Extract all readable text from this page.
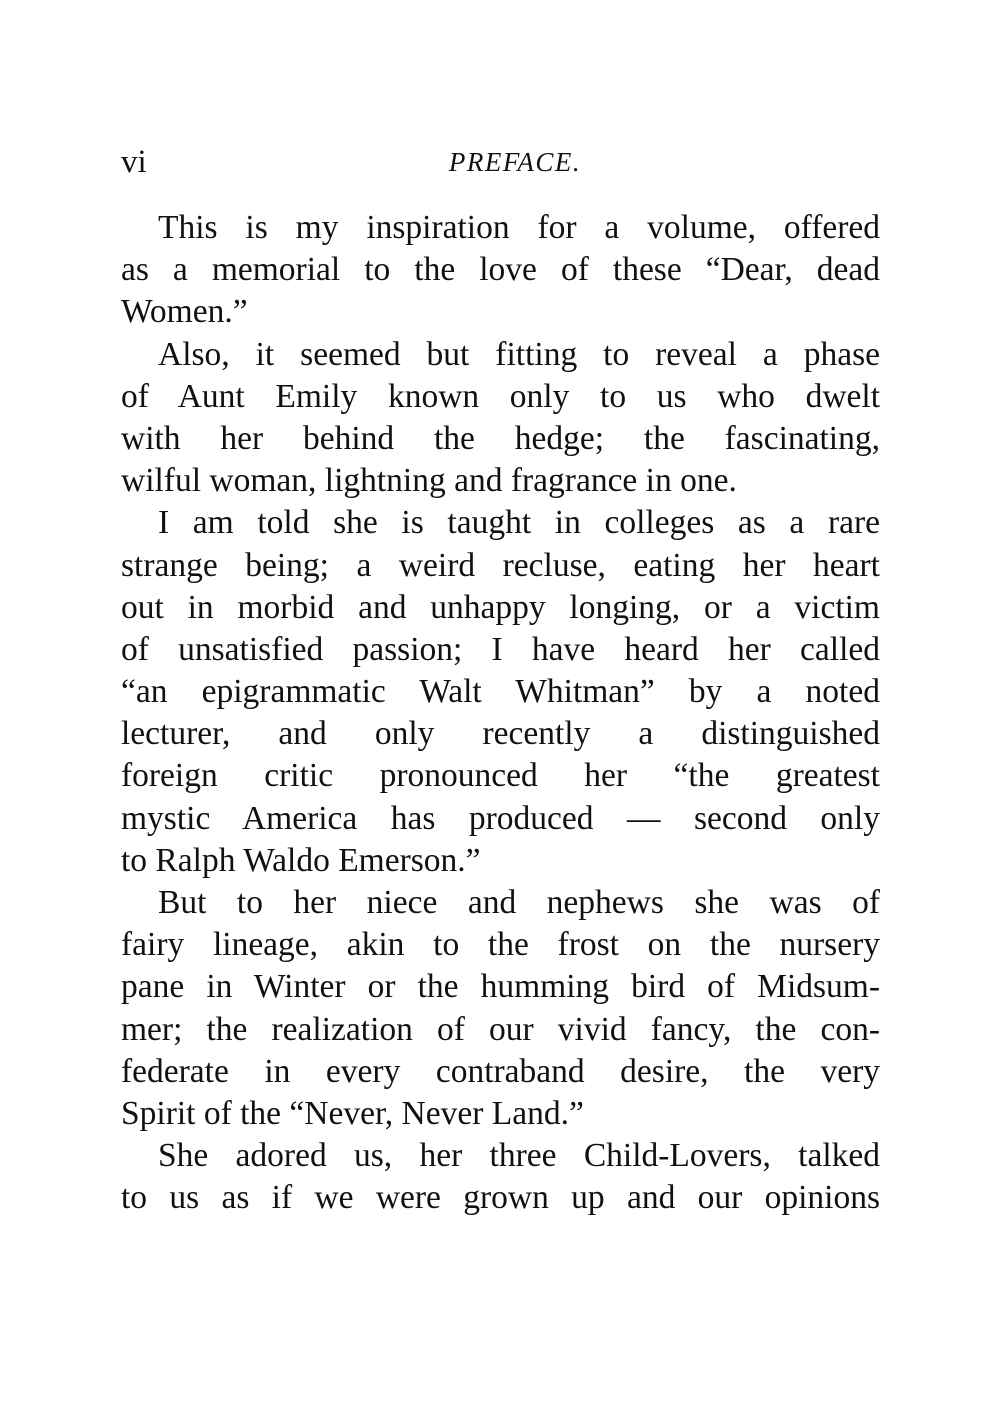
vi	PREFACE.
This is my inspiration for a volume, offered
as a memorial to the love of these “Dear, dead
Women.”
Also, it seemed but fitting to reveal a phase
of Aunt Emily known only to us who dwelt
with her behind the hedge; the fascinating,
wilful woman, lightning and fragrance in one.
I am told she is taught in colleges as a rare
strange being; a weird recluse, eating her heart
out in morbid and unhappy longing, or a victim
of unsatisfied passion; I have heard her called
“an epigrammatic Walt Whitman” by a noted
lecturer, and only recently a distinguished
foreign critic pronounced her “the greatest
mystic America has produced — second only
to Ralph Waldo Emerson.”
But to her niece and nephews she was of
fairy lineage, akin to the frost on the nursery
pane in Winter or the humming bird of Midsum-
mer; the realization of our vivid fancy, the con-
federate in every contraband desire, the very
Spirit of the “Never, Never Land.”
She adored us, her three Child-Lovers, talked
to us as if we were grown up and our opinions
